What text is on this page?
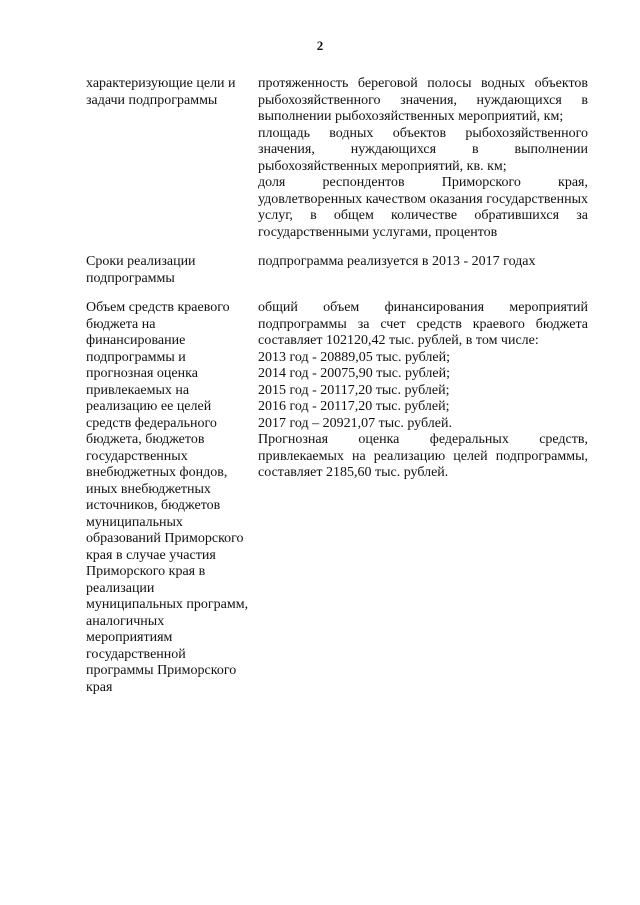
2
характеризующие цели и задачи подпрограммы

протяженность береговой полосы водных объектов рыбохозяйственного значения, нуждающихся в выполнении рыбохозяйственных мероприятий, км;

площадь водных объектов рыбохозяйственного значения, нуждающихся в выполнении рыбохозяйственных мероприятий, кв. км;

доля респондентов Приморского края, удовлетворенных качеством оказания государственных услуг, в общем количестве обратившихся за государственными услугами, процентов

Сроки реализации подпрограммы

подпрограмма реализуется в 2013 - 2017 годах

Объем средств краевого бюджета на финансирование подпрограммы и прогнозная оценка привлекаемых на реализацию ее целей средств федерального бюджета, бюджетов государственных внебюджетных фондов, иных внебюджетных источников, бюджетов муниципальных образований Приморского края в случае участия Приморского края в реализации муниципальных программ, аналогичных мероприятиям государственной программы Приморского края

общий объем финансирования мероприятий подпрограммы за счет средств краевого бюджета составляет 102120,42 тыс. рублей, в том числе:

2013 год - 20889,05 тыс. рублей;
2014 год - 20075,90 тыс. рублей;
2015 год - 20117,20 тыс. рублей;
2016 год - 20117,20 тыс. рублей;
2017 год – 20921,07 тыс. рублей.

Прогнозная оценка федеральных средств, привлекаемых на реализацию целей подпрограммы, составляет 2185,60 тыс. рублей.
